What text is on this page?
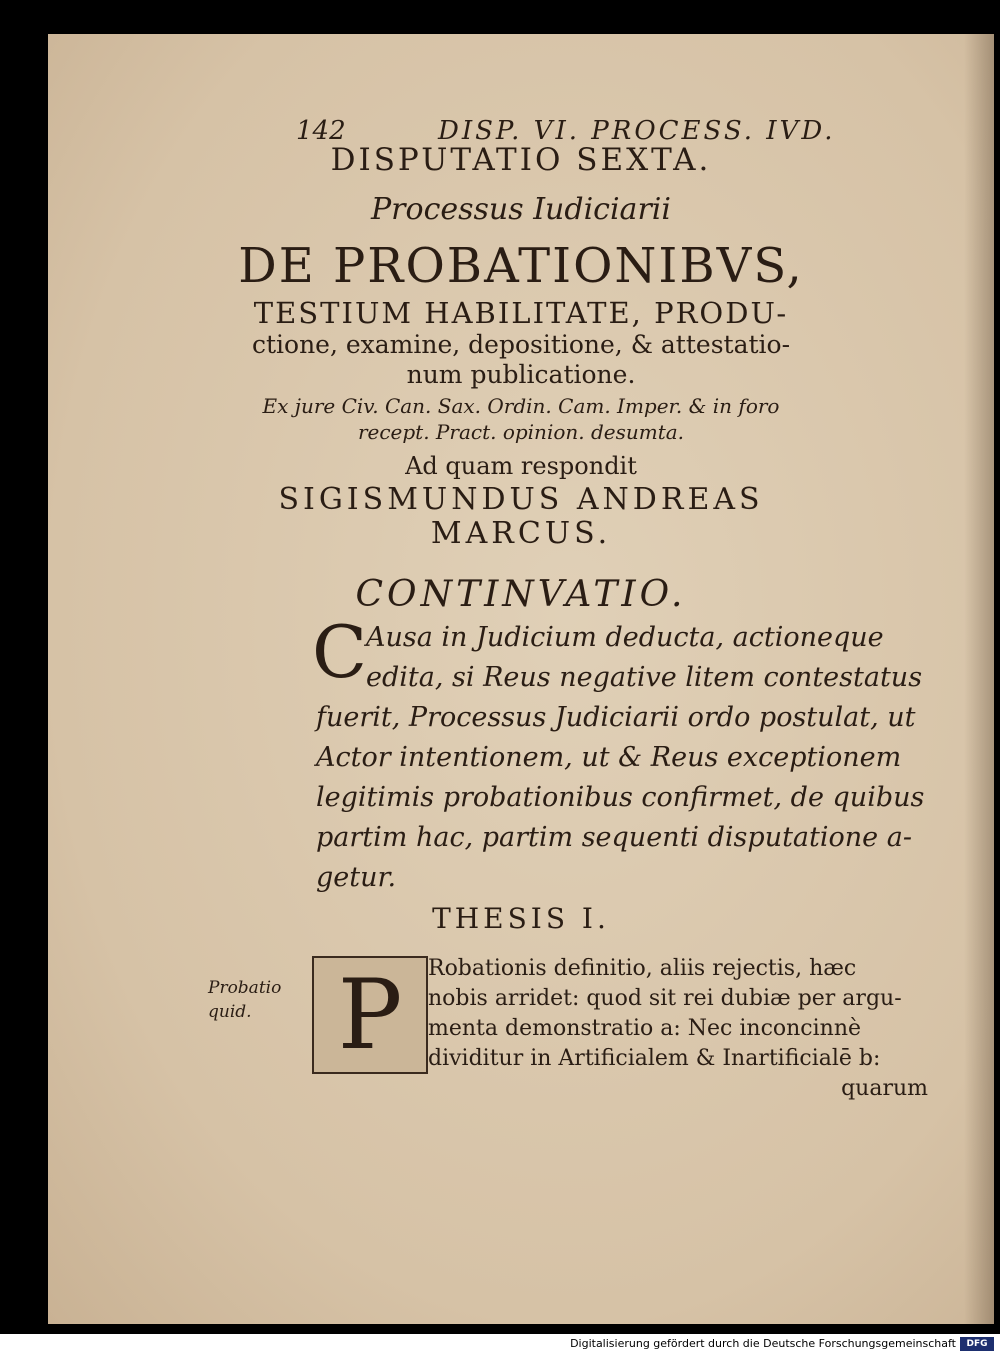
142	DISP. VI. PROCESS. IVD.
DISPUTATIO SEXTA.
Processus Iudiciarii
DE PROBATIONIBVS,
TESTIUM HABILITATE, PRODU-
ctione, examine, depositione, & attestatio-
num publicatione.
Ex jure Civ. Can. Sax. Ordin. Cam. Imper. & in foro
recept. Pract. opinion. desumta.
Ad quam respondit
SIGISMUNDUS ANDREAS
MARCUS.
CONTINVATIO.
C
Ausa in Judicium deducta, actioneque
edita, si Reus negative litem contestatus
fuerit, Processus Judiciarii ordo postulat, ut
Actor intentionem, ut & Reus exceptionem
legitimis probationibus confirmet, de quibus
partim hac, partim sequenti disputatione a-
getur.
THESIS I.
Probatio
quid. P Robationis definitio, aliis rejectis, hæc
nobis arridet: quod sit rei dubiæ per argu-
menta demonstratio a: Nec inconcinnè
dividitur in Artificialem & Inartificialē b:
quarum
Digitalisierung gefördert durch die Deutsche Forschungsgemeinschaft	DFG
